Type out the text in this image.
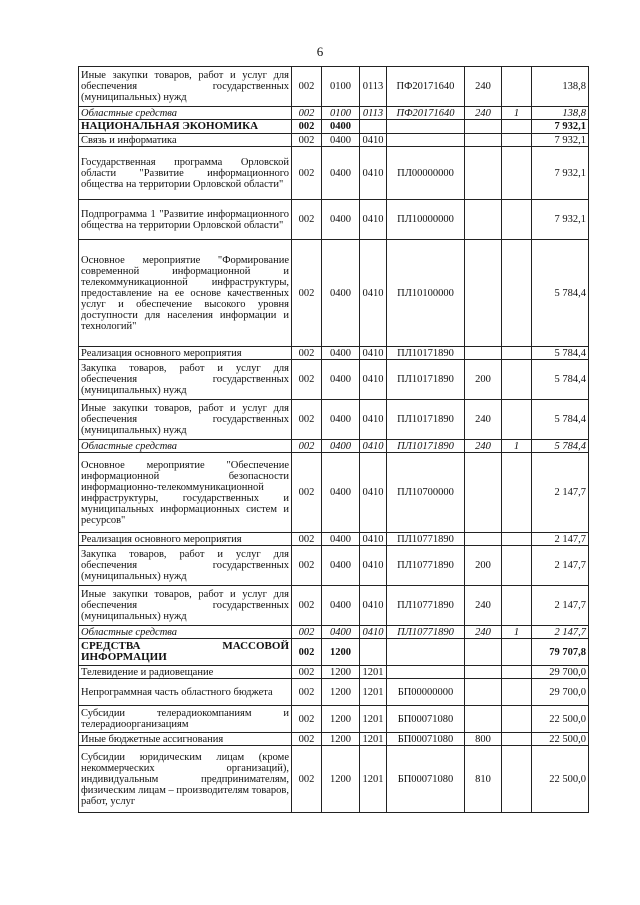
6
Иные закупки товаров, работ и услуг для обеспечения государственных (муниципальных) нужд	002	0100	0113	ПФ20171640	240		138,8
Областные средства	002	0100	0113	ПФ20171640	240	1	138,8
НАЦИОНАЛЬНАЯ ЭКОНОМИКА	002	0400					7 932,1
Связь и информатика	002	0400	0410				7 932,1
Государственная программа Орловской области "Развитие информационного общества на территории Орловской области"	002	0400	0410	ПЛ00000000			7 932,1
Подпрограмма 1 "Развитие информационного общества на территории Орловской области"	002	0400	0410	ПЛ10000000			7 932,1
Основное мероприятие "Формирование современной информационной и телекоммуникационной инфраструктуры, предоставление на ее основе качественных услуг и обеспечение высокого уровня доступности для населения информации и технологий"	002	0400	0410	ПЛ10100000			5 784,4
Реализация основного мероприятия	002	0400	0410	ПЛ10171890			5 784,4
Закупка товаров, работ и услуг для обеспечения государственных (муниципальных) нужд	002	0400	0410	ПЛ10171890	200		5 784,4
Иные закупки товаров, работ и услуг для обеспечения государственных (муниципальных) нужд	002	0400	0410	ПЛ10171890	240		5 784,4
Областные средства	002	0400	0410	ПЛ10171890	240	1	5 784,4
Основное мероприятие "Обеспечение информационной безопасности информационно-телекоммуникационной инфраструктуры, государственных и муниципальных информационных систем и ресурсов"	002	0400	0410	ПЛ10700000			2 147,7
Реализация основного мероприятия	002	0400	0410	ПЛ10771890			2 147,7
Закупка товаров, работ и услуг для обеспечения государственных (муниципальных) нужд	002	0400	0410	ПЛ10771890	200		2 147,7
Иные закупки товаров, работ и услуг для обеспечения государственных (муниципальных) нужд	002	0400	0410	ПЛ10771890	240		2 147,7
Областные средства	002	0400	0410	ПЛ10771890	240	1	2 147,7
СРЕДСТВА МАССОВОЙ ИНФОРМАЦИИ	002	1200					79 707,8
Телевидение и радиовещание	002	1200	1201				29 700,0
Непрограммная часть областного бюджета	002	1200	1201	БП00000000			29 700,0
Субсидии телерадиокомпаниям и телерадиоорганизациям	002	1200	1201	БП00071080			22 500,0
Иные бюджетные ассигнования	002	1200	1201	БП00071080	800		22 500,0
Субсидии юридическим лицам (кроме некоммерческих организаций), индивидуальным предпринимателям, физическим лицам – производителям товаров, работ, услуг	002	1200	1201	БП00071080	810		22 500,0
